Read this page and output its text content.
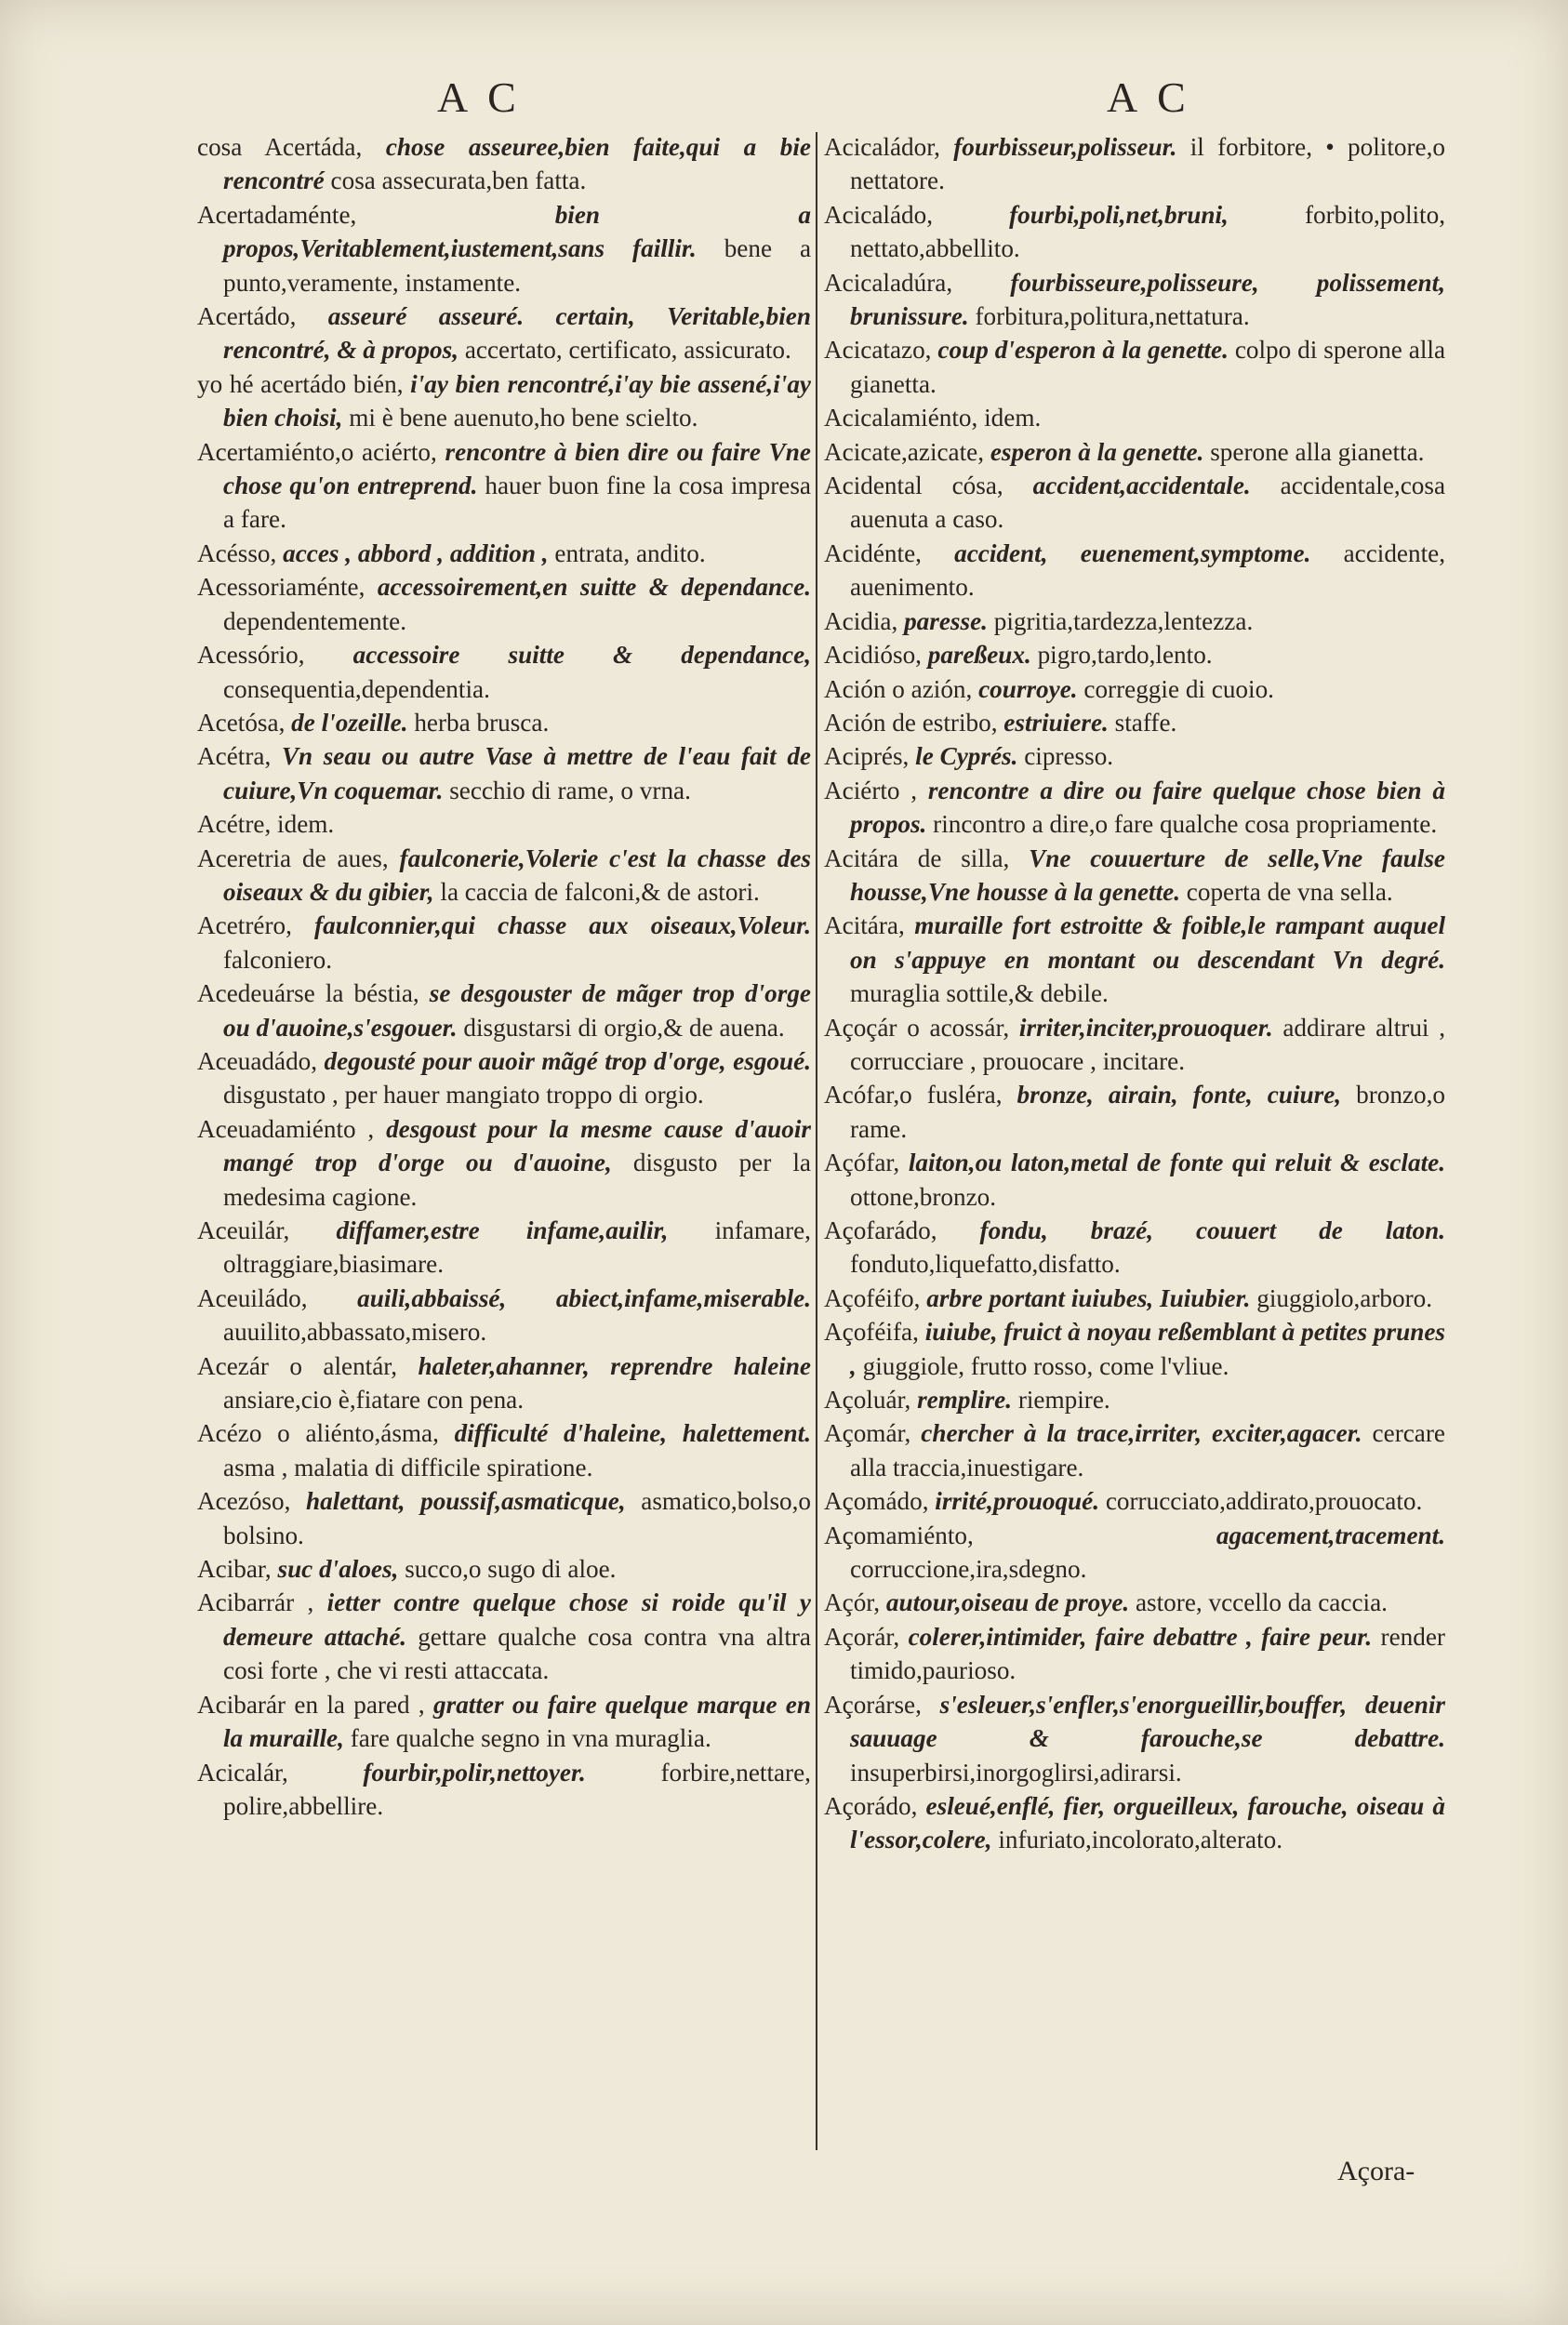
A C	A C

cosa Acertáda, chose asseuree,bien faite,qui a bie rencontré cosa assecurata,ben fatta.

Acertadaménte, bien a propos,Veritablement,iustement,sans faillir. bene a punto,veramente, instamente.

Acertádo, asseuré asseuré. certain, Veritable,bien rencontré, & à propos, accertato, certificato, assicurato.

yo hé acertádo bién, i'ay bien rencontré,i'ay bie assené,i'ay bien choisi, mi è bene auenuto,ho bene scielto.

Acertamiénto,o aciérto, rencontre à bien dire ou faire Vne chose qu'on entreprend. hauer buon fine la cosa impresa a fare.

Acésso, acces , abbord , addition , entrata, andito.

Acessoriaménte, accessoirement,en suitte & dependance. dependentemente.

Acessório, accessoire suitte & dependance, consequentia,dependentia.

Acetósa, de l'ozeille. herba brusca.

Acétra, Vn seau ou autre Vase à mettre de l'eau fait de cuiure,Vn coquemar. secchio di rame, o vrna.

Acétre, idem.

Aceretria de aues, faulconerie,Volerie c'est la chasse des oiseaux & du gibier, la caccia de falconi,& de astori.

Acetréro, faulconnier,qui chasse aux oiseaux,Voleur. falconiero.

Acedeuárse la béstia, se desgouster de mãger trop d'orge ou d'auoine,s'esgouer. disgustarsi di orgio,& de auena.

Aceuadádo, degousté pour auoir mãgé trop d'orge, esgoué. disgustato , per hauer mangiato troppo di orgio.

Aceuadamiénto , desgoust pour la mesme cause d'auoir mangé trop d'orge ou d'auoine, disgusto per la medesima cagione.

Aceuilár, diffamer,estre infame,auilir, infamare, oltraggiare,biasimare.

Aceuiládo, auili,abbaissé, abiect,infame,miserable. auuilito,abbassato,misero.

Acezár o alentár, haleter,ahanner, reprendre haleine ansiare,cio è,fiatare con pena.

Acézo o aliénto,ásma, difficulté d'haleine, halettement. asma , malatia di difficile spiratione.

Acezóso, halettant, poussif,asmaticque, asmatico,bolso,o bolsino.

Acibar, suc d'aloes, succo,o sugo di aloe.

Acibarrár , ietter contre quelque chose si roide qu'il y demeure attaché. gettare qualche cosa contra vna altra cosi forte , che vi resti attaccata.

Acibarár en la pared , gratter ou faire quelque marque en la muraille, fare qualche segno in vna muraglia.

Acicalár, fourbir,polir,nettoyer. forbire,nettare, polire,abbellire.

Acicaládor, fourbisseur,polisseur. il forbitore, • politore,o nettatore.

Acicaládo, fourbi,poli,net,bruni, forbito,polito, nettato,abbellito.

Acicaladúra, fourbisseure,polisseure, polissement, brunissure. forbitura,politura,nettatura.

Acicatazo, coup d'esperon à la genette. colpo di sperone alla gianetta.

Acicalamiénto, idem.

Acicate,azicate, esperon à la genette. sperone alla gianetta.

Acidental cósa, accident,accidentale. accidentale,cosa auenuta a caso.

Acidénte, accident, euenement,symptome. accidente, auenimento.

Acidia, paresse. pigritia,tardezza,lentezza.

Acidióso, pareßeux. pigro,tardo,lento.

Ación o azión, courroye. correggie di cuoio.

Ación de estribo, estriuiere. staffe.

Aciprés, le Cyprés. cipresso.

Aciérto , rencontre a dire ou faire quelque chose bien à propos. rincontro a dire,o fare qualche cosa propriamente.

Acitára de silla, Vne couuerture de selle,Vne faulse housse,Vne housse à la genette. coperta de vna sella.

Acitára, muraille fort estroitte & foible,le rampant auquel on s'appuye en montant ou descendant Vn degré. muraglia sottile,& debile.

Açoçár o acossár, irriter,inciter,prouoquer. addirare altrui , corrucciare , prouocare , incitare.

Acófar,o fusléra, bronze, airain, fonte, cuiure, bronzo,o rame.

Açófar, laiton,ou laton,metal de fonte qui reluit & esclate. ottone,bronzo.

Açofarádo, fondu, brazé, couuert de laton. fonduto,liquefatto,disfatto.

Açoféifo, arbre portant iuiubes, Iuiubier. giuggiolo,arboro.

Açoféifa, iuiube, fruict à noyau reßemblant à petites prunes , giuggiole, frutto rosso, come l'vliue.

Açoluár, remplire. riempire.

Açomár, chercher à la trace,irriter, exciter,agacer. cercare alla traccia,inuestigare.

Açomádo, irrité,prouoqué. corrucciato,addirato,prouocato.

Açomamiénto, agacement,tracement. corruccione,ira,sdegno.

Açór, autour,oiseau de proye. astore, vccello da caccia.

Açorár, colerer,intimider, faire debattre , faire peur. render timido,paurioso.

Açorárse, s'esleuer,s'enfler,s'enorgueillir,bouffer, deuenir sauuage & farouche,se debattre. insuperbirsi,inorgoglirsi,adirarsi.

Açorádo, esleué,enflé, fier, orgueilleux, farouche, oiseau à l'essor,colere, infuriato,incolorato,alterato.

Açora-
